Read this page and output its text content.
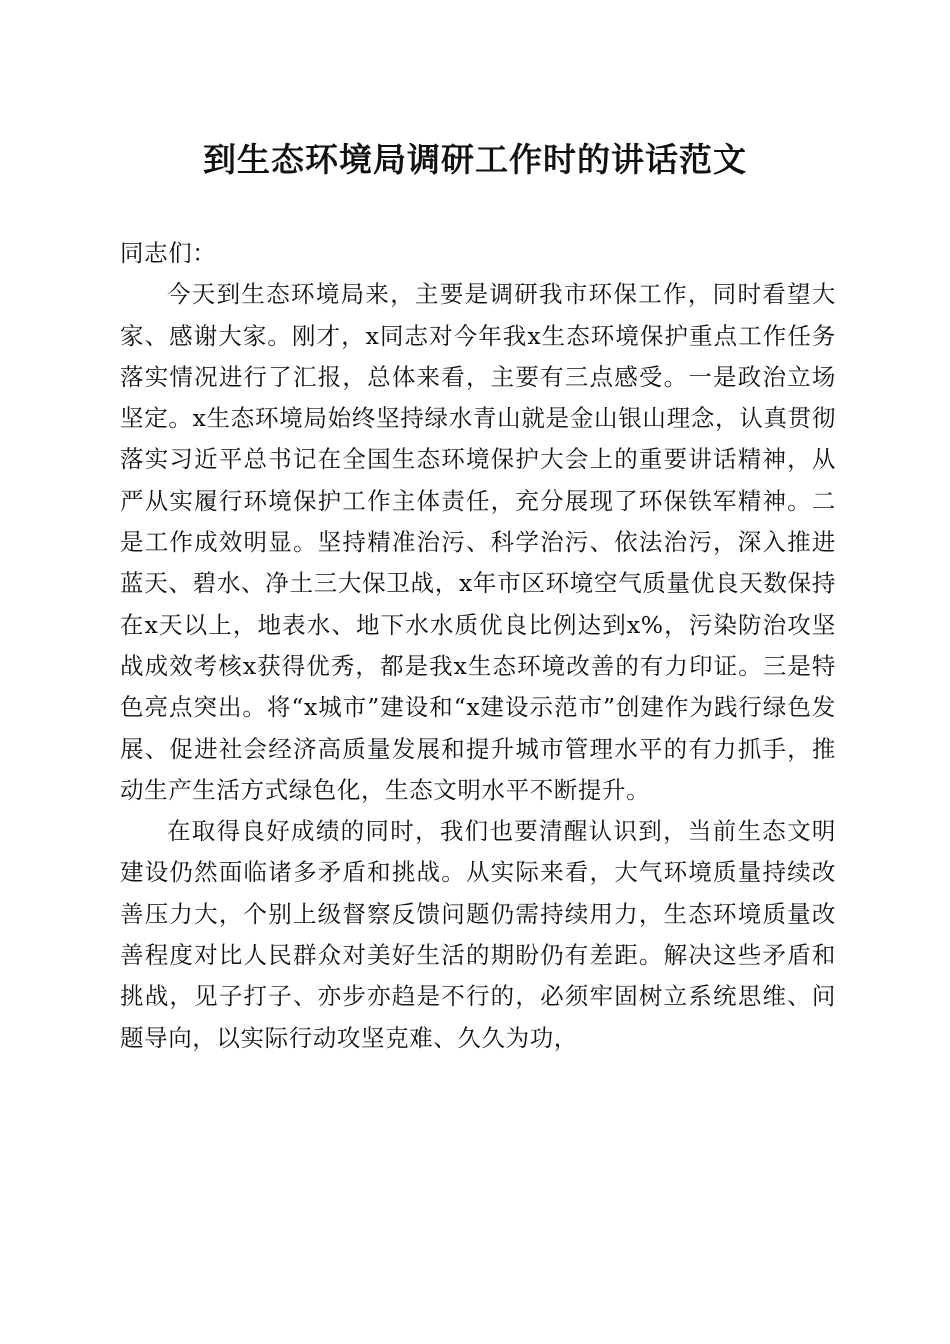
到生态环境局调研工作时的讲话范文

同志们：

今天到生态环境局来，主要是调研我市环保工作，同时看望大家、感谢大家。刚才，x同志对今年我x生态环境保护重点工作任务落实情况进行了汇报，总体来看，主要有三点感受。一是政治立场坚定。x生态环境局始终坚持绿水青山就是金山银山理念，认真贯彻落实习近平总书记在全国生态环境保护大会上的重要讲话精神，从严从实履行环境保护工作主体责任，充分展现了环保铁军精神。二是工作成效明显。坚持精准治污、科学治污、依法治污，深入推进蓝天、碧水、净土三大保卫战，x年市区环境空气质量优良天数保持在x天以上，地表水、地下水水质优良比例达到x%，污染防治攻坚战成效考核x获得优秀，都是我x生态环境改善的有力印证。三是特色亮点突出。将“x城市”建设和“x建设示范市”创建作为践行绿色发展、促进社会经济高质量发展和提升城市管理水平的有力抓手，推动生产生活方式绿色化，生态文明水平不断提升。

在取得良好成绩的同时，我们也要清醒认识到，当前生态文明建设仍然面临诸多矛盾和挑战。从实际来看，大气环境质量持续改善压力大，个别上级督察反馈问题仍需持续用力，生态环境质量改善程度对比人民群众对美好生活的期盼仍有差距。解决这些矛盾和挑战，见子打子、亦步亦趋是不行的，必须牢固树立系统思维、问题导向，以实际行动攻坚克难、久久为功，
